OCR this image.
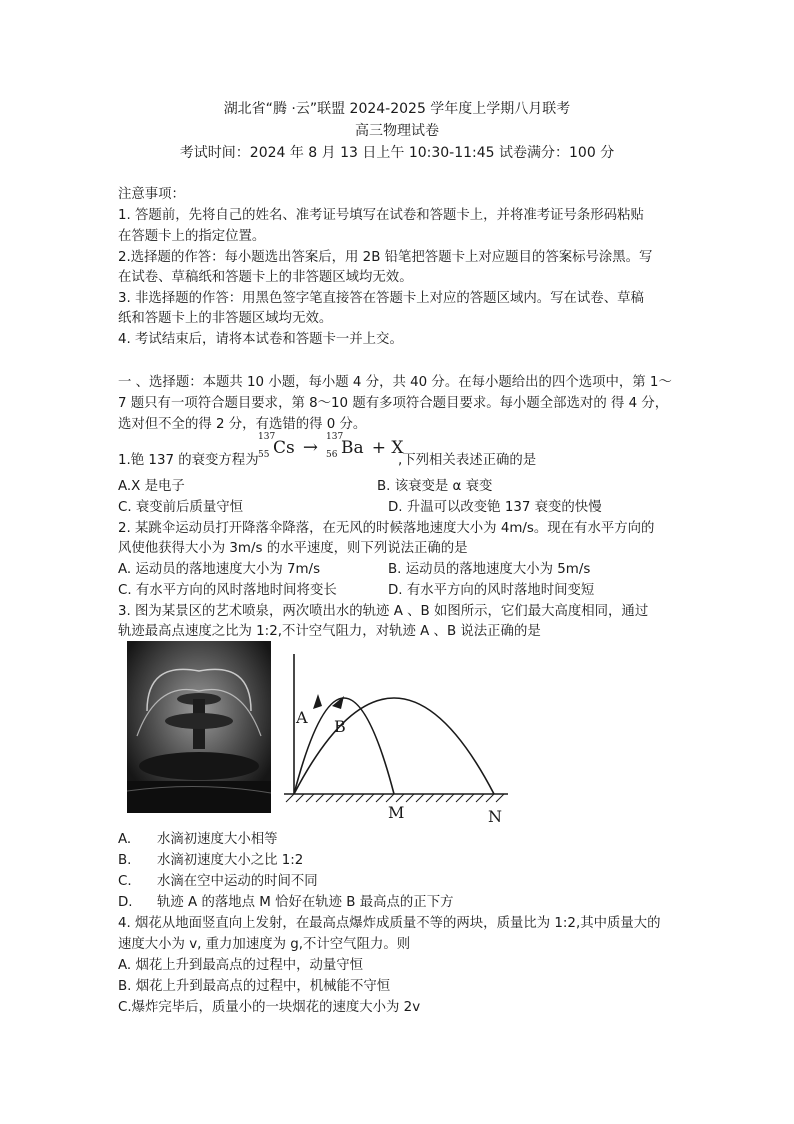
湖北省“腾 ·云”联盟 2024-2025 学年度上学期八月联考
高三物理试卷
考试时间：2024 年 8 月 13 日上午 10:30-11:45 试卷满分：100 分
注意事项：
1. 答题前，先将自己的姓名、准考证号填写在试卷和答题卡上，并将准考证号条形码粘贴
在答题卡上的指定位置。
2.选择题的作答：每小题选出答案后，用 2B 铅笔把答题卡上对应题目的答案标号涂黑。写
在试卷、草稿纸和答题卡上的非答题区域均无效。
3. 非选择题的作答：用黑色签字笔直接答在答题卡上对应的答题区域内。写在试卷、草稿
纸和答题卡上的非答题区域均无效。
4. 考试结束后，请将本试卷和答题卡一并上交。
一 、选择题：本题共 10 小题，每小题 4 分，共 40 分。在每小题给出的四个选项中，第 1～
7 题只有一项符合题目要求，第 8～10 题有多项符合题目要求。每小题全部选对的 得 4 分，
选对但不全的得 2 分，有选错的得 0 分。
1.铯 137 的衰变方程为
137
55 Cs → 137
56 Ba + X
,下列相关表述正确的是
A.X 是电子	B. 该衰变是 α 衰变
C. 衰变前后质量守恒	D. 升温可以改变铯 137 衰变的快慢
2. 某跳伞运动员打开降落伞降落，在无风的时候落地速度大小为 4m/s。现在有水平方向的
风使他获得大小为 3m/s 的水平速度，则下列说法正确的是
A. 运动员的落地速度大小为 7m/s	B. 运动员的落地速度大小为 5m/s
C. 有水平方向的风时落地时间将变长	D. 有水平方向的风时落地时间变短
3. 图为某景区的艺术喷泉，两次喷出水的轨迹 A 、B 如图所示，它们最大高度相同，通过
轨迹最高点速度之比为 1:2,不计空气阻力，对轨迹 A 、B 说法正确的是
A B
M	N
A. 水滴初速度大小相等
B. 水滴初速度大小之比 1:2
C. 水滴在空中运动的时间不同
D. 轨迹 A 的落地点 M 恰好在轨迹 B 最高点的正下方
4. 烟花从地面竖直向上发射，在最高点爆炸成质量不等的两块，质量比为 1:2,其中质量大的
速度大小为 v, 重力加速度为 g,不计空气阻力。则
A. 烟花上升到最高点的过程中，动量守恒
B. 烟花上升到最高点的过程中，机械能不守恒
C.爆炸完毕后，质量小的一块烟花的速度大小为 2v
